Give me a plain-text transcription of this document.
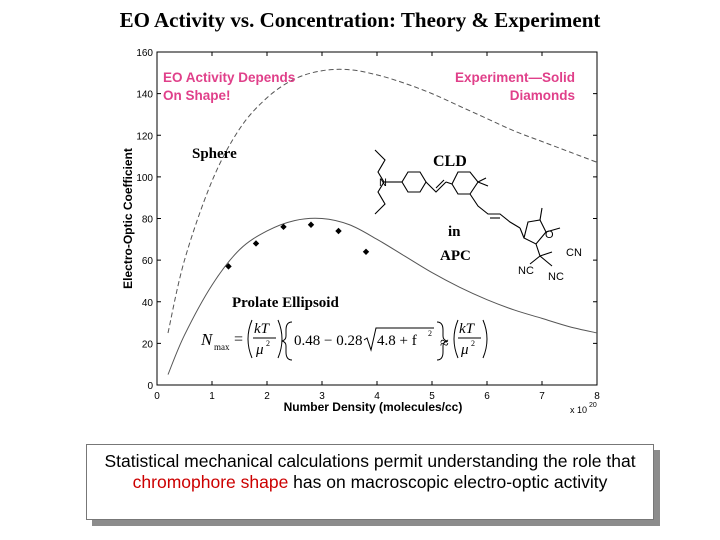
EO Activity vs. Concentration: Theory & Experiment
0	1	2	3	4	5	6	7	8
0
20
40
60
80
100
120
140
160
Number Density (molecules/cc)
Electro-Optic Coefficient
x 10 20
EO Activity Depends
On Shape!
Experiment—Solid
Diamonds
Sphere
Prolate Ellipsoid
CLD
in
APC
N
O
CN
NC NC
N max =
kT
μ 2 0.48 − 0.28 4.8 + f 2
≈
kT
μ 2
Statistical mechanical calculations permit understanding the role that chromophore shape has on macroscopic electro-optic activity
